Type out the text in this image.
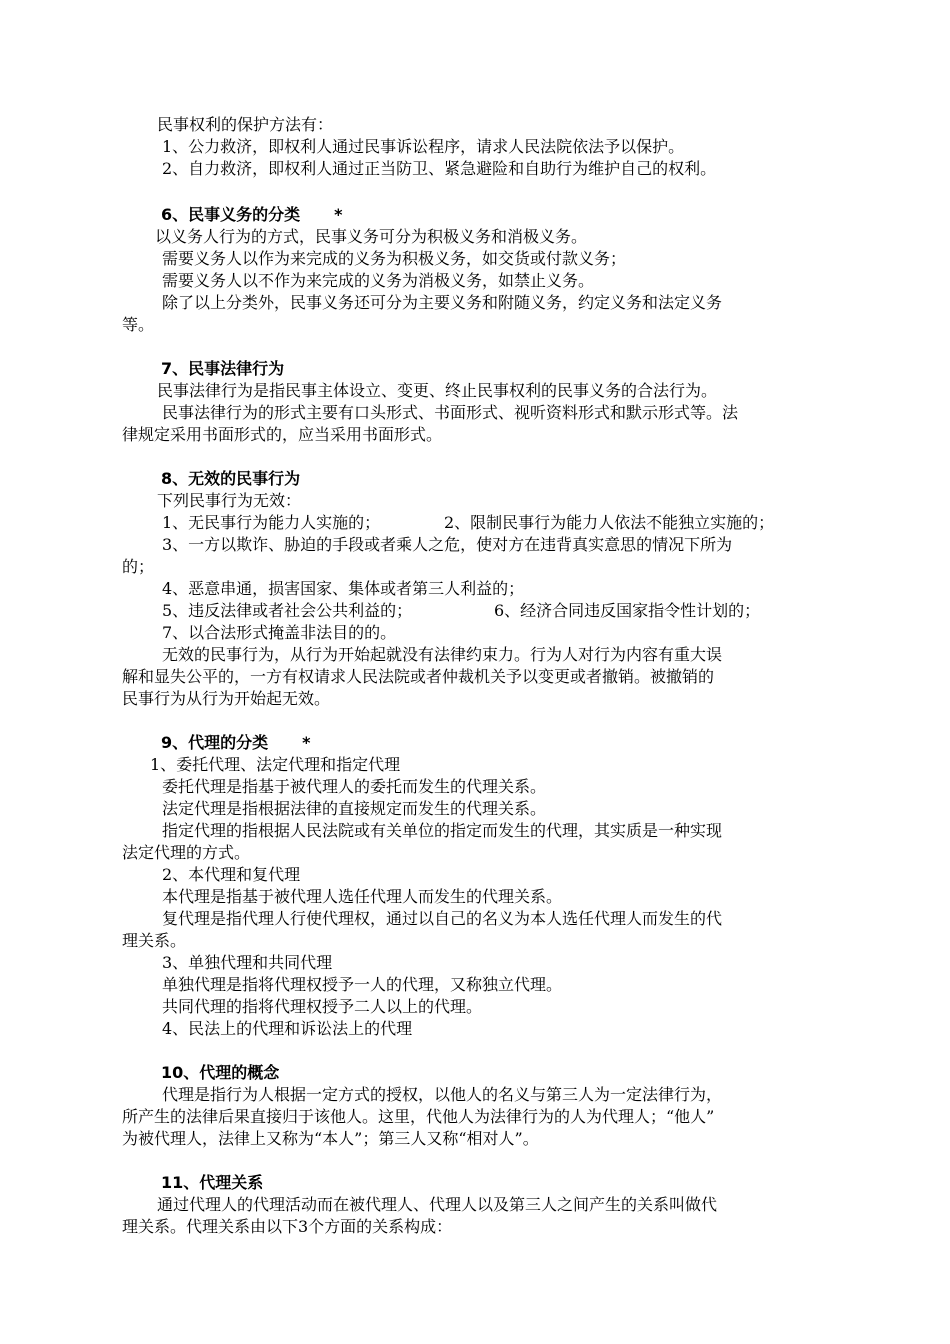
民事权利的保护方法有：
1、公力救济，即权利人通过民事诉讼程序，请求人民法院依法予以保护。
2、自力救济，即权利人通过正当防卫、紧急避险和自助行为维护自己的权利。
6、民事义务的分类 *
以义务人行为的方式，民事义务可分为积极义务和消极义务。
需要义务人以作为来完成的义务为积极义务，如交货或付款义务；
需要义务人以不作为来完成的义务为消极义务，如禁止义务。
除了以上分类外，民事义务还可分为主要义务和附随义务，约定义务和法定义务
等。
7、民事法律行为
民事法律行为是指民事主体设立、变更、终止民事权利的民事义务的合法行为。
民事法律行为的形式主要有口头形式、书面形式、视听资料形式和默示形式等。法
律规定采用书面形式的，应当采用书面形式。
8、无效的民事行为
下列民事行为无效：
1、无民事行为能力人实施的；	2、限制民事行为能力人依法不能独立实施的；
3、一方以欺诈、胁迫的手段或者乘人之危，使对方在违背真实意思的情况下所为
的；
4、恶意串通，损害国家、集体或者第三人利益的；
5、违反法律或者社会公共利益的；	6、经济合同违反国家指令性计划的；
7、以合法形式掩盖非法目的的。
无效的民事行为，从行为开始起就没有法律约束力。行为人对行为内容有重大误
解和显失公平的，一方有权请求人民法院或者仲裁机关予以变更或者撤销。被撤销的
民事行为从行为开始起无效。
9、代理的分类 *
1、委托代理、法定代理和指定代理
委托代理是指基于被代理人的委托而发生的代理关系。
法定代理是指根据法律的直接规定而发生的代理关系。
指定代理的指根据人民法院或有关单位的指定而发生的代理，其实质是一种实现
法定代理的方式。
2、本代理和复代理
本代理是指基于被代理人选任代理人而发生的代理关系。
复代理是指代理人行使代理权，通过以自己的名义为本人选任代理人而发生的代
理关系。
3、单独代理和共同代理
单独代理是指将代理权授予一人的代理，又称独立代理。
共同代理的指将代理权授予二人以上的代理。
4、民法上的代理和诉讼法上的代理
10、代理的概念
代理是指行为人根据一定方式的授权，以他人的名义与第三人为一定法律行为，
所产生的法律后果直接归于该他人。这里，代他人为法律行为的人为代理人；“他人”
为被代理人，法律上又称为“本人”；第三人又称“相对人”。
11、代理关系
通过代理人的代理活动而在被代理人、代理人以及第三人之间产生的关系叫做代
理关系。代理关系由以下3个方面的关系构成：
